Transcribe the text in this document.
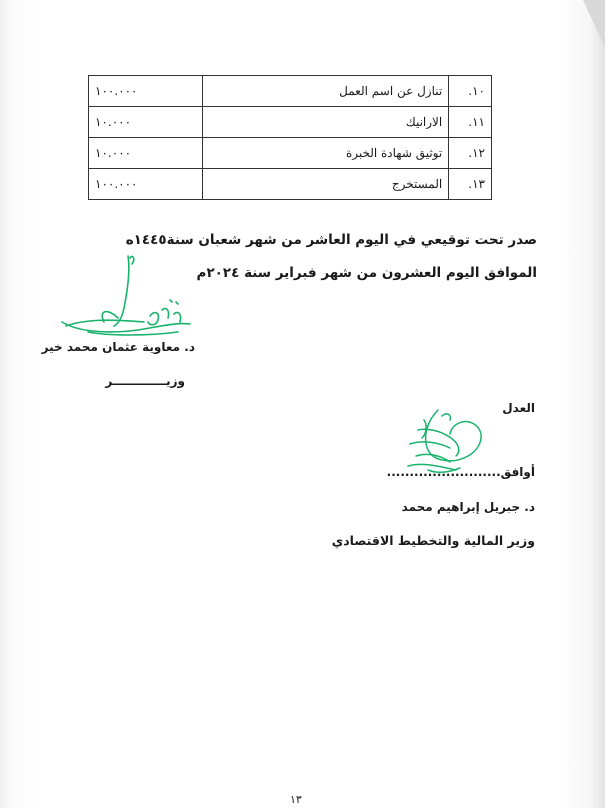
١٠.	تنازل عن اسم العمل	١٠٠.٠٠٠
١١.	الارانيك	١٠.٠٠٠
١٢.	توثيق شهادة الخبرة	١٠.٠٠٠
١٣.	المستخرج	١٠٠.٠٠٠
صدر تحت توقيعي في اليوم العاشر من شهر شعبان سنة١٤٤٥ه
الموافق اليوم العشرون من شهر فبراير سنة ٢٠٢٤م
د. معاوية عثمان محمد خير
وزيـــــــــــــر
العدل
أوافق.........................
د. جبريل إبراهيم محمد
وزير المالية والتخطيط الاقتصادي
١٣
